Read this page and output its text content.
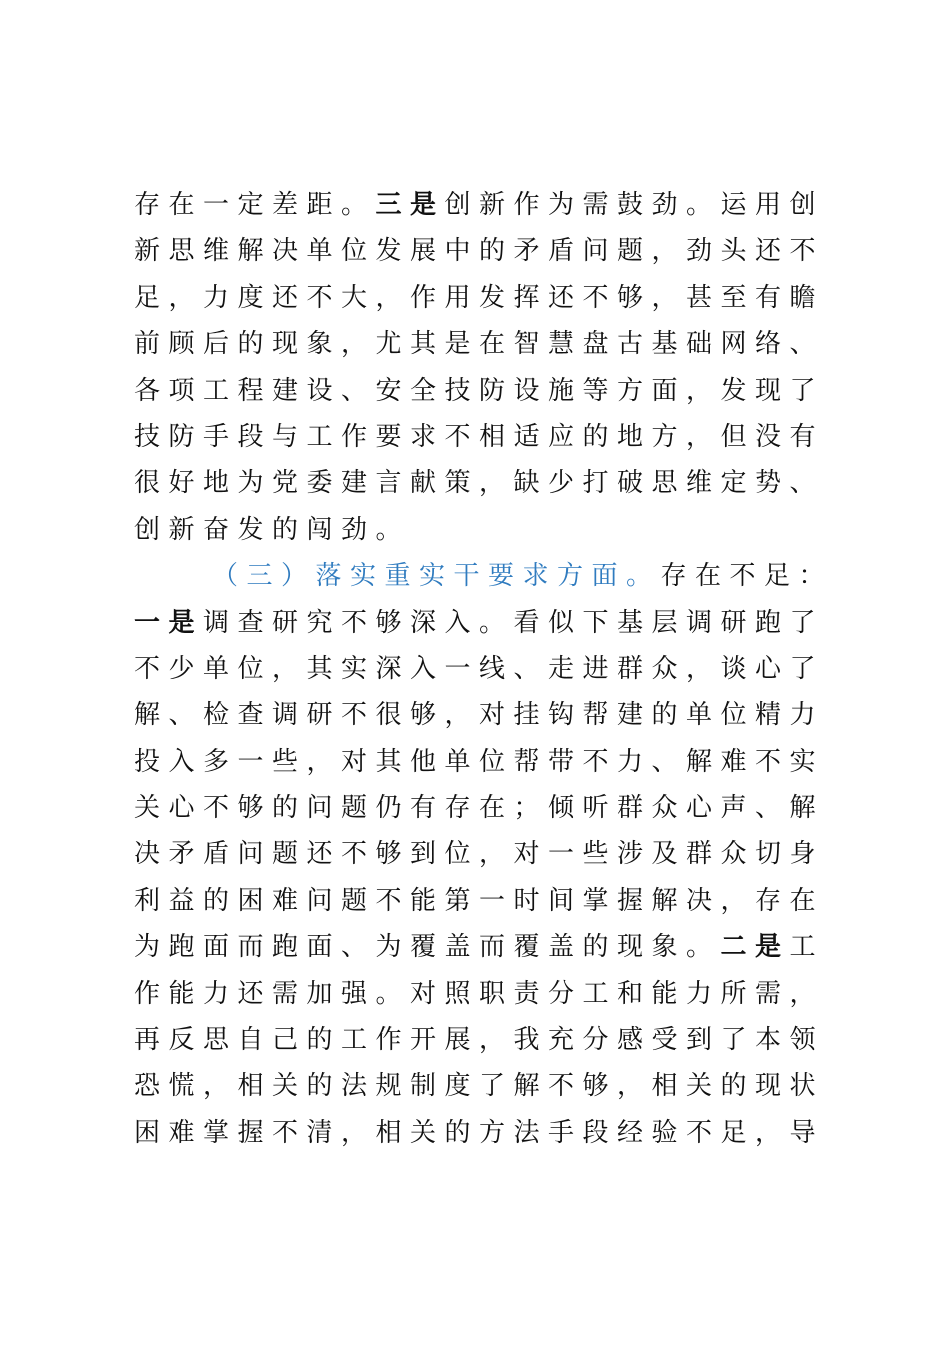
存在一定差距。三是创新作为需鼓劲。运用创
新思维解决单位发展中的矛盾问题，劲头还不
足，力度还不大，作用发挥还不够，甚至有瞻
前顾后的现象，尤其是在智慧盘古基础网络、
各项工程建设、安全技防设施等方面，发现了
技防手段与工作要求不相适应的地方，但没有
很好地为党委建言献策，缺少打破思维定势、
创新奋发的闯劲。
（三）落实重实干要求方面。存在不足：
一是调查研究不够深入。看似下基层调研跑了
不少单位，其实深入一线、走进群众，谈心了
解、检查调研不很够，对挂钩帮建的单位精力
投入多一些，对其他单位帮带不力、解难不实
关心不够的问题仍有存在；倾听群众心声、解
决矛盾问题还不够到位，对一些涉及群众切身
利益的困难问题不能第一时间掌握解决，存在
为跑面而跑面、为覆盖而覆盖的现象。二是工
作能力还需加强。对照职责分工和能力所需，
再反思自己的工作开展，我充分感受到了本领
恐慌，相关的法规制度了解不够，相关的现状
困难掌握不清，相关的方法手段经验不足，导
